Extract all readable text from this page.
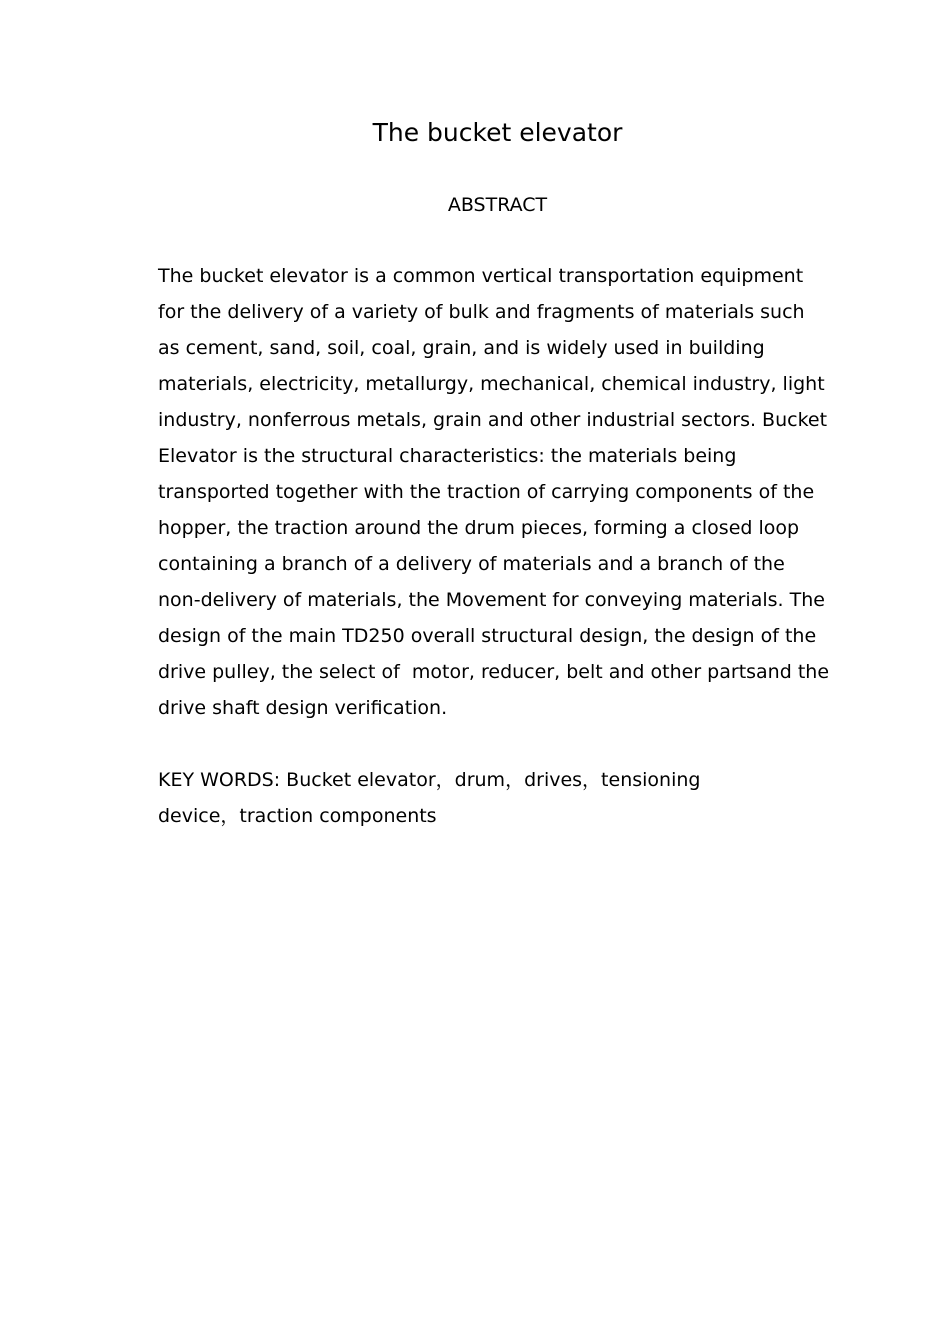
The bucket elevator
ABSTRACT
The bucket elevator is a common vertical transportation equipment
for the delivery of a variety of bulk and fragments of materials such
as cement, sand, soil, coal, grain, and is widely used in building
materials, electricity, metallurgy, mechanical, chemical industry, light
industry, nonferrous metals, grain and other industrial sectors. Bucket
Elevator is the structural characteristics: the materials being
transported together with the traction of carrying components of the
hopper, the traction around the drum pieces, forming a closed loop
containing a branch of a delivery of materials and a branch of the
non-delivery of materials, the Movement for conveying materials. The
design of the main TD250 overall structural design, the design of the
drive pulley, the select of  motor, reducer, belt and other partsand the
drive shaft design verification.
KEY WORDS: Bucket elevator，drum，drives，tensioning
device，traction components
